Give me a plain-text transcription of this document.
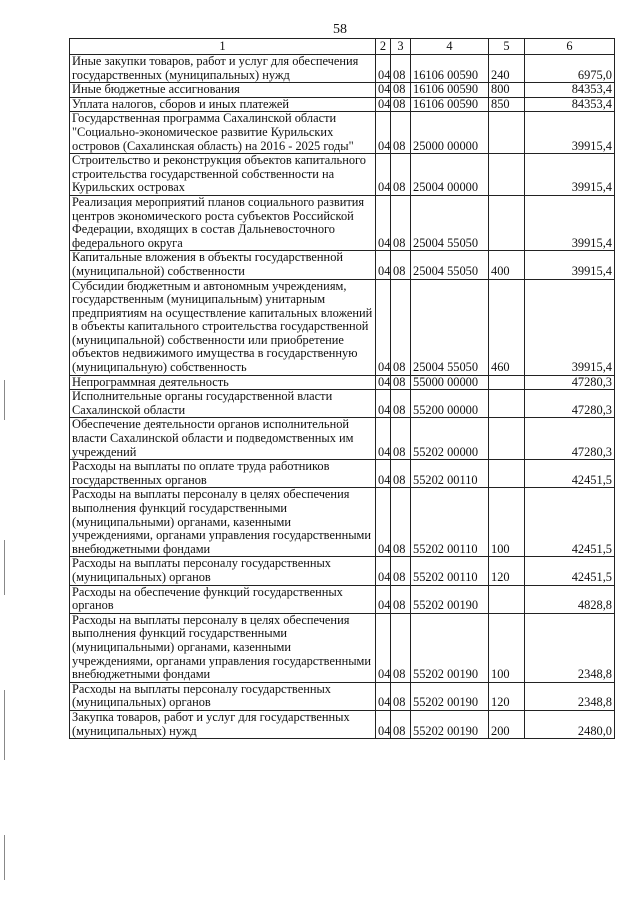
58
1	2	3	4	5	6
Иные закупки товаров, работ и услуг для обеспечения государственных (муниципальных) нужд	04	08	16106 00590	240	6975,0
Иные бюджетные ассигнования	04	08	16106 00590	800	84353,4
Уплата налогов, сборов и иных платежей	04	08	16106 00590	850	84353,4
Государственная программа Сахалинской области "Социально-экономическое развитие Курильских островов (Сахалинская область) на 2016 - 2025 годы"	04	08	25000 00000		39915,4
Строительство и реконструкция объектов капитального строительства государственной собственности на Курильских островах	04	08	25004 00000		39915,4
Реализация мероприятий планов социального развития центров экономического роста субъектов Российской Федерации, входящих в состав Дальневосточного федерального округа	04	08	25004 55050		39915,4
Капитальные вложения в объекты государственной (муниципальной) собственности	04	08	25004 55050	400	39915,4
Субсидии бюджетным и автономным учреждениям, государственным (муниципальным) унитарным предприятиям на осуществление капитальных вложений в объекты капитального строительства государственной (муниципальной) собственности или приобретение объектов недвижимого имущества в государственную (муниципальную) собственность	04	08	25004 55050	460	39915,4
Непрограммная деятельность	04	08	55000 00000		47280,3
Исполнительные органы государственной власти Сахалинской области	04	08	55200 00000		47280,3
Обеспечение деятельности органов исполнительной власти Сахалинской области и подведомственных им учреждений	04	08	55202 00000		47280,3
Расходы на выплаты по оплате труда работников государственных органов	04	08	55202 00110		42451,5
Расходы на выплаты персоналу в целях обеспечения выполнения функций государственными (муниципальными) органами, казенными учреждениями, органами управления государственными внебюджетными фондами	04	08	55202 00110	100	42451,5
Расходы на выплаты персоналу государственных (муниципальных) органов	04	08	55202 00110	120	42451,5
Расходы на обеспечение функций государственных органов	04	08	55202 00190		4828,8
Расходы на выплаты персоналу в целях обеспечения выполнения функций государственными (муниципальными) органами, казенными учреждениями, органами управления государственными внебюджетными фондами	04	08	55202 00190	100	2348,8
Расходы на выплаты персоналу государственных (муниципальных) органов	04	08	55202 00190	120	2348,8
Закупка товаров, работ и услуг для государственных (муниципальных) нужд	04	08	55202 00190	200	2480,0
